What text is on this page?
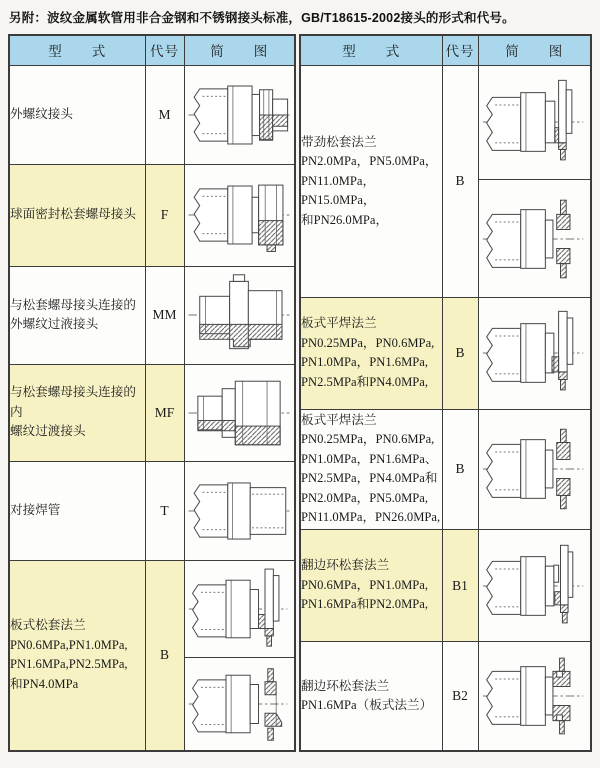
另附：波纹金属软管用非合金钢和不锈钢接头标准，GB/T18615-2002接头的形式和代号。
型　　式	代号	简　　图

外螺纹接头	M	

球面密封松套螺母接头	F	

与松套螺母接头连接的
外螺纹过液接头	MM	

与松套螺母接头连接的内
螺纹过渡接头	MF	

对接焊管	T	

板式松套法兰
PN0.6MPa,PN1.0MPa,
PN1.6MPa,PN2.5MPa,
和PN4.0MPa	B	

型　　式	代号	简　　图

带劲松套法兰
PN2.0MPa，PN5.0MPa，
PN11.0MPa，PN15.0MPa，
和PN26.0MPa，	B	

板式平焊法兰
PN0.25MPa，PN0.6MPa,
PN1.0MPa，PN1.6MPa,
PN2.5MPa和PN4.0MPa,	B	

板式平焊法兰
PN0.25MPa，PN0.6MPa,
PN1.0MPa，PN1.6MPa、
PN2.5MPa，PN4.0MPa和
PN2.0MPa，PN5.0MPa,
PN11.0MPa，PN26.0MPa,
	B	

翻边环松套法兰
PN0.6MPa，PN1.0MPa,
PN1.6MPa和PN2.0MPa,	B1	

翻边环松套法兰
PN1.6MPa（板式法兰）	B2	
